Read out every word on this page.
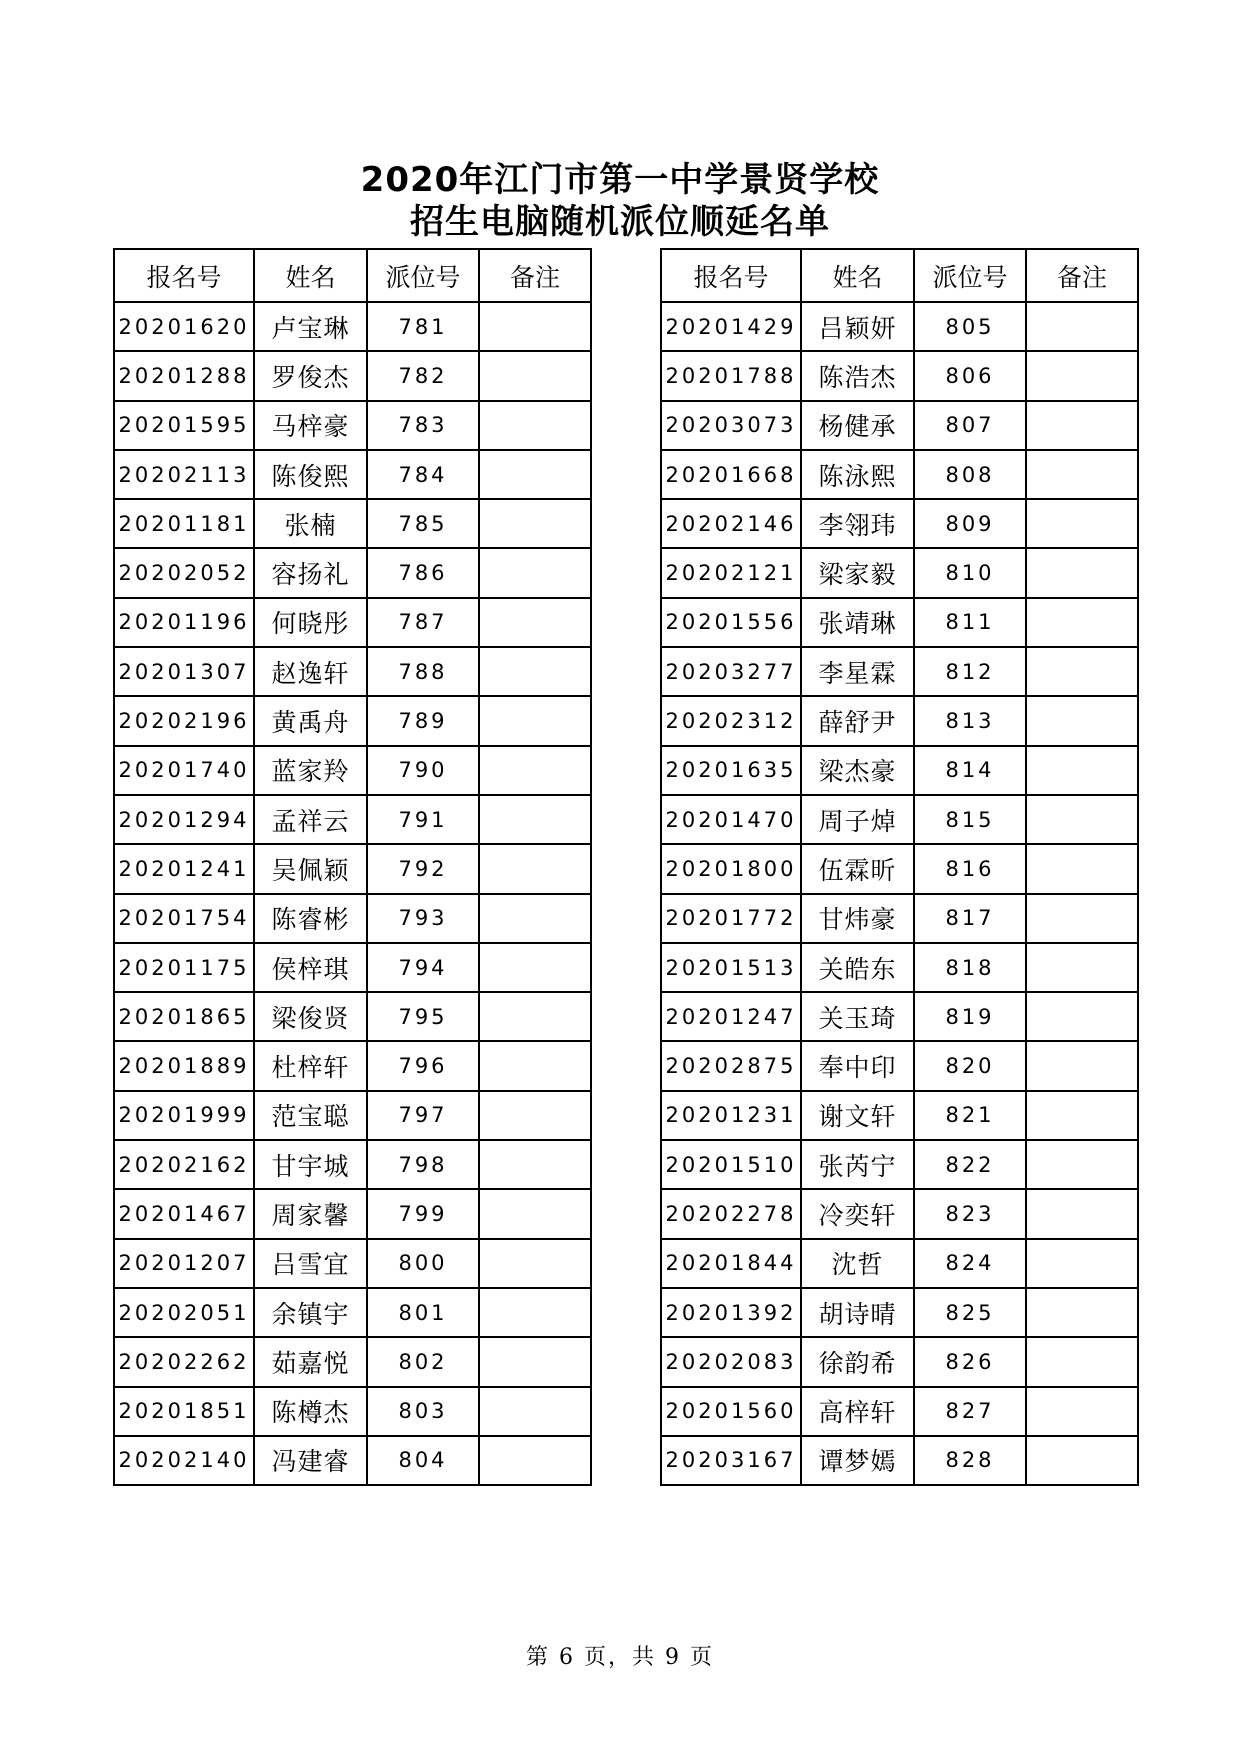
2020年江门市第一中学景贤学校
招生电脑随机派位顺延名单
报名号	姓名	派位号	备注
20201620	卢宝琳	781	
20201288	罗俊杰	782	
20201595	马梓豪	783	
20202113	陈俊熙	784	
20201181	张楠	785	
20202052	容扬礼	786	
20201196	何晓彤	787	
20201307	赵逸轩	788	
20202196	黄禹舟	789	
20201740	蓝家羚	790	
20201294	孟祥云	791	
20201241	吴佩颖	792	
20201754	陈睿彬	793	
20201175	侯梓琪	794	
20201865	梁俊贤	795	
20201889	杜梓轩	796	
20201999	范宝聪	797	
20202162	甘宇城	798	
20201467	周家馨	799	
20201207	吕雪宜	800	
20202051	余镇宇	801	
20202262	茹嘉悦	802	
20201851	陈樽杰	803	
20202140	冯建睿	804	
报名号	姓名	派位号	备注
20201429	吕颖妍	805	
20201788	陈浩杰	806	
20203073	杨健承	807	
20201668	陈泳熙	808	
20202146	李翎玮	809	
20202121	梁家毅	810	
20201556	张靖琳	811	
20203277	李星霖	812	
20202312	薛舒尹	813	
20201635	梁杰豪	814	
20201470	周子焯	815	
20201800	伍霖昕	816	
20201772	甘炜豪	817	
20201513	关皓东	818	
20201247	关玉琦	819	
20202875	奉中印	820	
20201231	谢文轩	821	
20201510	张芮宁	822	
20202278	冷奕轩	823	
20201844	沈哲	824	
20201392	胡诗晴	825	
20202083	徐韵希	826	
20201560	高梓轩	827	
20203167	谭梦嫣	828	
第 6 页，共 9 页
